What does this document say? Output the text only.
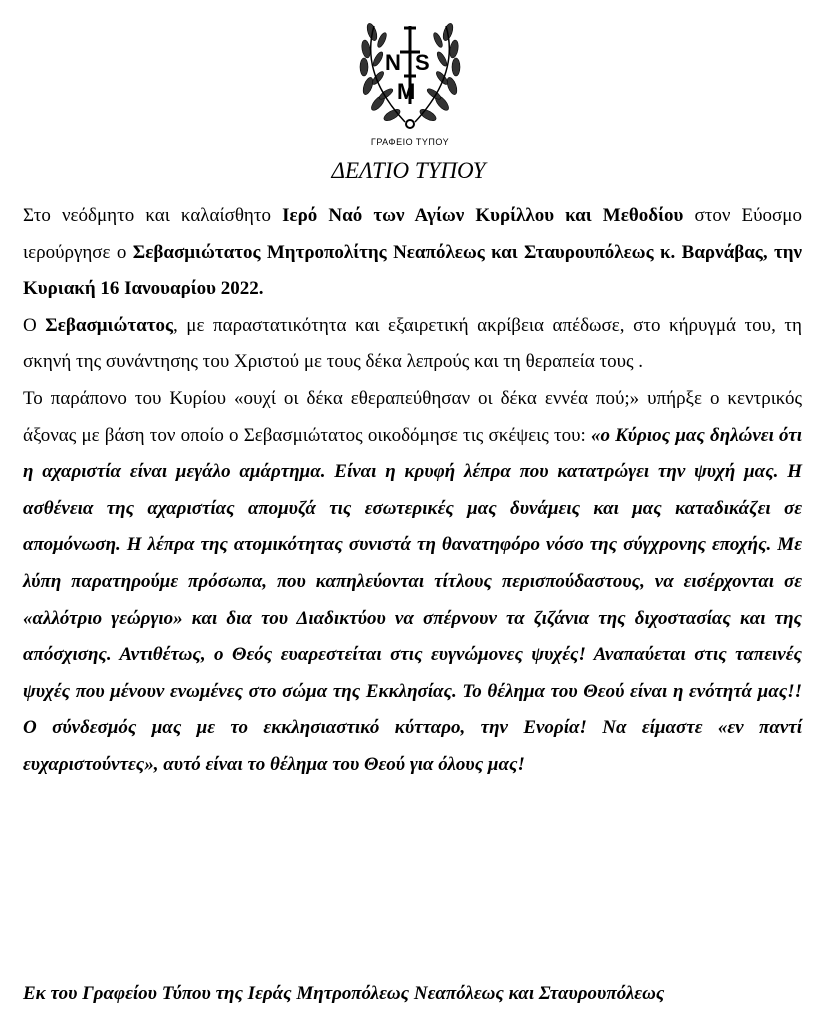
N S
M
ΓΡΑΦΕΙΟ ΤΥΠΟΥ
ΔΕΛΤΙΟ ΤΥΠΟΥ

Στο νεόδμητο και καλαίσθητο Ιερό Ναό των Αγίων Κυρίλλου και Μεθοδίου στον Εύοσμο ιερούργησε ο Σεβασμιώτατος Μητροπολίτης Νεαπόλεως και Σταυρουπόλεως κ. Βαρνάβας, την Κυριακή 16 Ιανουαρίου 2022.

Ο Σεβασμιώτατος, με παραστατικότητα και εξαιρετική ακρίβεια απέδωσε, στο κήρυγμά του, τη σκηνή της συνάντησης του Χριστού με τους δέκα λεπρούς και τη θεραπεία τους .

Το παράπονο του Κυρίου «ουχί οι δέκα εθεραπεύθησαν οι δέκα εννέα πού;» υπήρξε ο κεντρικός άξονας με βάση τον οποίο ο Σεβασμιώτατος οικοδόμησε τις σκέψεις του: «ο Κύριος μας δηλώνει ότι η αχαριστία είναι μεγάλο αμάρτημα. Είναι η κρυφή λέπρα που κατατρώγει την ψυχή μας. Η ασθένεια της αχαριστίας απομυζά τις εσωτερικές μας δυνάμεις και μας καταδικάζει σε απομόνωση. Η λέπρα της ατομικότητας συνιστά τη θανατηφόρο νόσο της σύγχρονης εποχής. Με λύπη παρατηρούμε πρόσωπα, που καπηλεύονται τίτλους περισπούδαστους, να εισέρχονται σε «αλλότριο γεώργιο» και δια του Διαδικτύου να σπέρνουν τα ζιζάνια της διχοστασίας και της απόσχισης. Αντιθέτως, ο Θεός ευαρεστείται στις ευγνώμονες ψυχές! Αναπαύεται στις ταπεινές ψυχές που μένουν ενωμένες στο σώμα της Εκκλησίας. Το θέλημα του Θεού είναι η ενότητά μας!! Ο σύνδεσμός μας με το εκκλησιαστικό κύτταρο, την Ενορία! Να είμαστε «εν παντί ευχαριστούντες», αυτό είναι το θέλημα του Θεού για όλους μας!

Εκ του Γραφείου Τύπου της Ιεράς Μητροπόλεως Νεαπόλεως και Σταυρουπόλεως
